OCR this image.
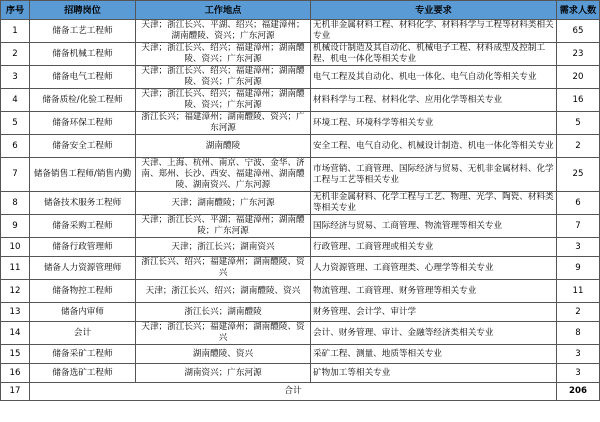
序号	招聘岗位	工作地点	专业要求	需求人数
1	储备工艺工程师	天津；浙江长兴、平湖、绍兴；福建漳州；湖南醴陵、资兴；广东河源	无机非金属材料工程、材料化学、材料科学与工程等材料类相关专业	65
2	储备机械工程师	天津；浙江长兴、绍兴；福建漳州；湖南醴陵、资兴；广东河源	机械设计制造及其自动化、机械电子工程、材料成型及控制工程、机电一体化等相关专业	23
3	储备电气工程师	天津；浙江长兴、绍兴；福建漳州；湖南醴陵、资兴；广东河源	电气工程及其自动化、机电一体化、电气自动化等相关专业	20
4	储备质检/化验工程师	天津；浙江长兴、绍兴；福建漳州；湖南醴陵、资兴；广东河源	材料科学与工程、材料化学、应用化学等相关专业	16
5	储备环保工程师	浙江长兴；福建漳州；湖南醴陵、资兴；广东河源	环境工程、环境科学等相关专业	5
6	储备安全工程师	湖南醴陵	安全工程、电气自动化、机械设计制造、机电一体化等相关专业	2
7	储备销售工程师/销售内勤	天津、上海、杭州、南京、宁波、金华、济南、郑州、长沙、西安、福建漳州、湖南醴陵、湖南资兴、广东河源	市场营销、工商管理、国际经济与贸易、无机非金属材料、化学工程与工艺等相关专业	25
8	储备技术服务工程师	天津；湖南醴陵；广东河源	无机非金属材料、化学工程与工艺、物理、光学、陶瓷、材料类等相关专业	6
9	储备采购工程师	天津；浙江长兴、平湖；福建漳州；湖南醴陵；广东河源	国际经济与贸易、工商管理、物流管理等相关专业	7
10	储备行政管理师	天津；浙江长兴；湖南资兴	行政管理、工商管理或相关专业	3
11	储备人力资源管理师	浙江长兴、绍兴；福建漳州；湖南醴陵、资兴	人力资源管理、工商管理类、心理学等相关专业	9
12	储备物控工程师	天津；浙江长兴、绍兴；湖南醴陵、资兴	物流管理、工商管理、财务管理等相关专业	11
13	储备内审师	浙江长兴；湖南醴陵	财务管理、会计学、审计学	2
14	会计	天津；浙江长兴；福建漳州；湖南醴陵、资兴	会计、财务管理、审计、金融等经济类相关专业	8
15	储备采矿工程师	湖南醴陵、资兴	采矿工程、测量、地质等相关专业	3
16	储备选矿工程师	湖南资兴；广东河源	矿物加工等相关专业	3
17	合计			206
